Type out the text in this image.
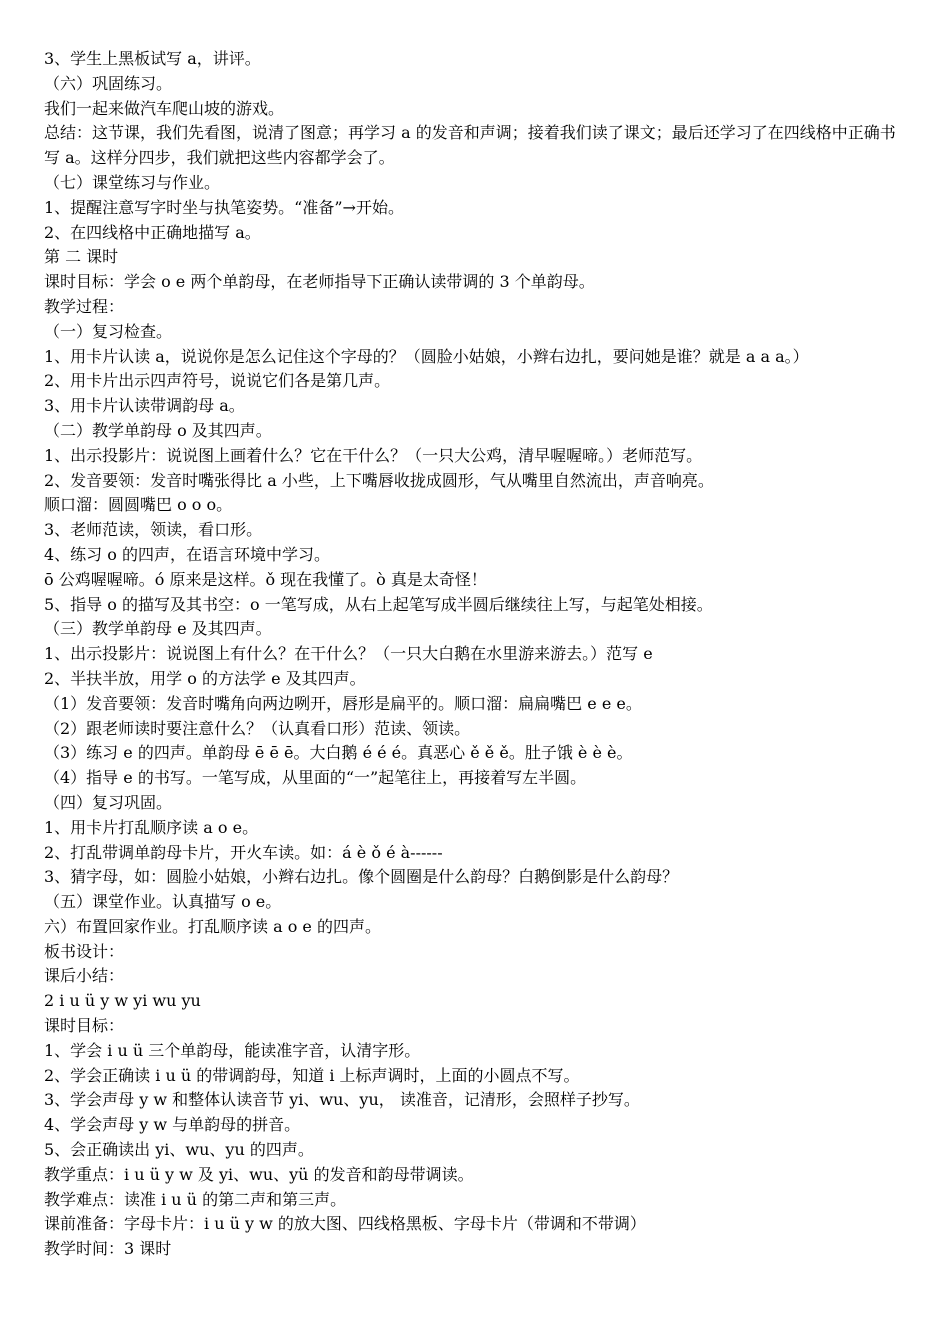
3、学生上黑板试写 a，讲评。

（六）巩固练习。

我们一起来做汽车爬山坡的游戏。

总结：这节课，我们先看图，说清了图意；再学习 a 的发音和声调；接着我们读了课文；最后还学习了在四线格中正确书写 a。这样分四步，我们就把这些内容都学会了。

（七）课堂练习与作业。

1、提醒注意写字时坐与执笔姿势。“准备”→开始。

2、在四线格中正确地描写 a。

第 二 课时

课时目标：学会 o e 两个单韵母，在老师指导下正确认读带调的 3 个单韵母。

教学过程：

（一）复习检查。

1、用卡片认读 a，说说你是怎么记住这个字母的？（圆脸小姑娘，小辫右边扎，要问她是谁？就是 a a a。）

2、用卡片出示四声符号，说说它们各是第几声。

3、用卡片认读带调韵母 a。

（二）教学单韵母 o 及其四声。

1、出示投影片：说说图上画着什么？它在干什么？（一只大公鸡，清早喔喔啼。）老师范写。

2、发音要领：发音时嘴张得比 a 小些，上下嘴唇收拢成圆形，气从嘴里自然流出，声音响亮。

顺口溜：圆圆嘴巴 o o o。

3、老师范读，领读，看口形。

4、练习 o 的四声，在语言环境中学习。

ō 公鸡喔喔啼。ó 原来是这样。ǒ 现在我懂了。ò 真是太奇怪！

5、指导 o 的描写及其书空：o 一笔写成，从右上起笔写成半圆后继续往上写，与起笔处相接。

（三）教学单韵母 e 及其四声。

1、出示投影片：说说图上有什么？在干什么？（一只大白鹅在水里游来游去。）范写 e

2、半扶半放，用学 o 的方法学 e 及其四声。

（1）发音要领：发音时嘴角向两边咧开，唇形是扁平的。顺口溜：扁扁嘴巴 e e e。

（2）跟老师读时要注意什么？（认真看口形）范读、领读。

（3）练习 e 的四声。单韵母 ē ē ē。大白鹅 é é é。真恶心 ě ě ě。肚子饿 è è è。

（4）指导 e 的书写。一笔写成，从里面的“一”起笔往上，再接着写左半圆。

（四）复习巩固。

1、用卡片打乱顺序读 a o e。

2、打乱带调单韵母卡片，开火车读。如：á è ǒ é à------

3、猜字母，如：圆脸小姑娘，小辫右边扎。像个圆圈是什么韵母？白鹅倒影是什么韵母？

（五）课堂作业。认真描写 o e。

六）布置回家作业。打乱顺序读 a o e 的四声。

板书设计：

课后小结：

2 i u ü y w yi wu yu

课时目标：

1、学会 i u ü 三个单韵母，能读准字音，认清字形。

2、学会正确读 i u ü 的带调韵母，知道 i 上标声调时，上面的小圆点不写。

3、学会声母 y w 和整体认读音节 yi、wu、yu， 读准音，记清形，会照样子抄写。

4、学会声母 y w 与单韵母的拼音。

5、会正确读出 yi、wu、yu 的四声。

教学重点：i u ü y w 及 yi、wu、yü 的发音和韵母带调读。

教学难点：读准 i u ü 的第二声和第三声。

课前准备：字母卡片：i u ü y w 的放大图、四线格黑板、字母卡片（带调和不带调）

教学时间：3 课时
